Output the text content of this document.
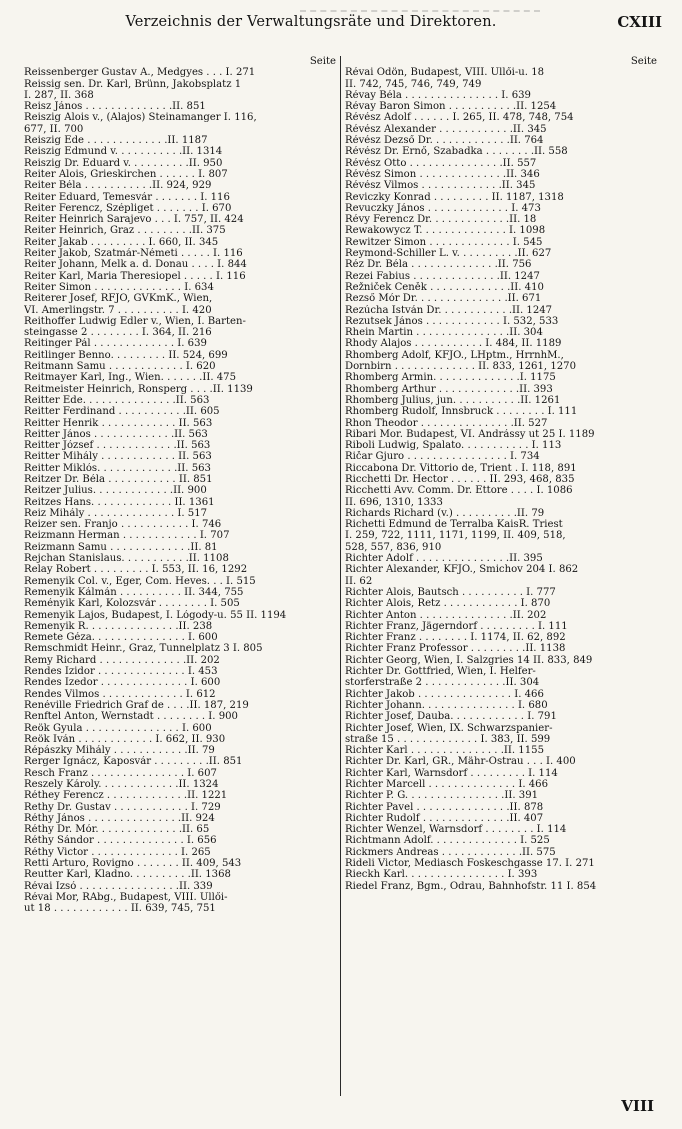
Verzeichnis der Verwaltungsräte und Direktoren.	CXIII
Seite
Reissenberger Gustav A., Medgyes . . . I. 271
Reissig sen. Dr. Karl, Brünn, Jakobsplatz 1
I. 287, II. 368
Reisz János . . . . . . . . . . . . . .II. 851
Reiszig Alois v., (Alajos) Steinamanger I. 116,
677, II. 700
Reiszig Ede . . . . . . . . . . . . .II. 1187
Reiszig Edmund v. . . . . . . . . . .II. 1314
Reiszig Dr. Eduard v. . . . . . . . . .II. 950
Reiter Alois, Grieskirchen . . . . . . I. 807
Reiter Béla . . . . . . . . . . .II. 924, 929
Reiter Eduard, Temesvár . . . . . . . I. 116
Reiter Ferencz, Szépliget . . . . . . . I. 670
Reiter Heinrich Sarajevo . . . I. 757, II. 424
Reiter Heinrich, Graz . . . . . . . . .II. 375
Reiter Jakab . . . . . . . . . I. 660, II. 345
Reiter Jakob, Szatmár-Németi . . . . . I. 116
Reiter Johann, Melk a. d. Donau . . . . I. 844
Reiter Karl, Maria Theresiopel . . . . . I. 116
Reiter Simon . . . . . . . . . . . . . . I. 634
Reiterer Josef, RFJO, GVKmK., Wien,
VI. Amerlingstr. 7 . . . . . . . . . . I. 420
Reithoffer Ludwig Edler v., Wien, I. Barten-
steingasse 2 . . . . . . . . I. 364, II. 216
Reitinger Pál . . . . . . . . . . . . . I. 639
Reitlinger Benno. . . . . . . . . II. 524, 699
Reitmann Samu . . . . . . . . . . . . I. 620
Reitmayer Karl, Ing., Wien. . . . . . .II. 475
Reitmeister Heinrich, Ronsperg . . . .II. 1139
Reitter Ede. . . . . . . . . . . . . . .II. 563
Reitter Ferdinand . . . . . . . . . . .II. 605
Reitter Henrik . . . . . . . . . . . . II. 563
Reitter János . . . . . . . . . . . . .II. 563
Reitter József . . . . . . . . . . . . .II. 563
Reitter Mihály . . . . . . . . . . . . II. 563
Reitter Miklós. . . . . . . . . . . . .II. 563
Reitzer Dr. Béla . . . . . . . . . . . II. 851
Reitzer Julius. . . . . . . . . . . . .II. 900
Reitzes Hans. . . . . . . . . . . . . II. 1361
Reiz Mihály . . . . . . . . . . . . . . I. 517
Reizer sen. Franjo . . . . . . . . . . . I. 746
Reizmann Herman . . . . . . . . . . . . I. 707
Reizmann Samu . . . . . . . . . . . . .II. 81
Rejchan Stanislaus. . . . . . . . . . .II. 1108
Relay Robert . . . . . . . . . I. 553, II. 16, 1292
Remenyik Col. v., Eger, Com. Heves. . . I. 515
Remenyik Kálmán . . . . . . . . . . II. 344, 755
Reményik Karl, Kolozsvár . . . . . . . . I. 505
Remenyik Lajos, Budapest, I. Lógody-u. 55 II. 1194
Remenyik R. . . . . . . . . . . . . . .II. 238
Remete Géza. . . . . . . . . . . . . . . I. 600
Remschmidt Heinr., Graz, Tunnelplatz 3 I. 805
Remy Richard . . . . . . . . . . . . . .II. 202
Rendes Izidor . . . . . . . . . . . . . . I. 453
Rendes Izedor . . . . . . . . . . . . . . I. 600
Rendes Vilmos . . . . . . . . . . . . . I. 612
Renéville Friedrich Graf de . . . .II. 187, 219
Renftel Anton, Wernstadt . . . . . . . . I. 900
Reök Gyula . . . . . . . . . . . . . . . I. 600
Reök Iván . . . . . . . . . . . . I. 662, II. 930
Répászky Mihály . . . . . . . . . . . .II. 79
Rerger Ignácz, Kaposvár . . . . . . . . .II. 851
Resch Franz . . . . . . . . . . . . . . . I. 607
Reszely Károly. . . . . . . . . . . . .II. 1324
Réthey Ferencz . . . . . . . . . . . . .II. 1221
Rethy Dr. Gustav . . . . . . . . . . . . I. 729
Réthy János . . . . . . . . . . . . . . .II. 924
Réthy Dr. Mór. . . . . . . . . . . . . .II. 65
Réthy Sándor . . . . . . . . . . . . . . I. 656
Réthy Victor . . . . . . . . . . . . . . I. 265
Retti Arturo, Rovigno . . . . . . . II. 409, 543
Reutter Karl, Kladno. . . . . . . . . .II. 1368
Révai Izsó . . . . . . . . . . . . . . . .II. 339
Révai Mor, RÁbg., Budapest, VIII. Üllői-
ut 18 . . . . . . . . . . . . II. 639, 745, 751
Seite
Révai Ödön, Budapest, VIII. Üllői-u. 18
II. 742, 745, 746, 749, 749
Révay Béla . . . . . . . . . . . . . . . I. 639
Révay Baron Simon . . . . . . . . . . .II. 1254
Révész Adolf . . . . . . I. 265, II. 478, 748, 754
Révész Alexander . . . . . . . . . . . .II. 345
Révész Dezső Dr. . . . . . . . . . . . .II. 764
Révész Dr. Ernő, Szabadka . . . . . . . .II. 558
Révész Otto . . . . . . . . . . . . . . .II. 557
Révész Simon . . . . . . . . . . . . . .II. 346
Révész Vilmos . . . . . . . . . . . . .II. 345
Reviczky Konrad . . . . . . . . . II. 1187, 1318
Revuczky János . . . . . . . . . . . . . I. 473
Révy Ferencz Dr. . . . . . . . . . . . .II. 18
Rewakowycz T. . . . . . . . . . . . . . I. 1098
Rewitzer Simon . . . . . . . . . . . . . I. 545
Reymond-Schiller L. v. . . . . . . . . .II. 627
Réz Dr. Béla . . . . . . . . . . . . . .II. 756
Rezei Fabius . . . . . . . . . . . . . .II. 1247
Režniček Čeněk . . . . . . . . . . . . .II. 410
Rezső Mór Dr. . . . . . . . . . . . . . .II. 671
Rezúcha István Dr. . . . . . . . . . . .II. 1247
Rezutsek János . . . . . . . . . . . . I. 532, 533
Rhein Martin . . . . . . . . . . . . . . .II. 304
Rhody Alajos . . . . . . . . . . . I. 484, II. 1189
Rhomberg Adolf, KFJO., LHptm., HrrnhM.,
Dornbirn . . . . . . . . . . . . . II. 833, 1261, 1270
Rhomberg Armin. . . . . . . . . . . . . .I. 1175
Rhomberg Arthur . . . . . . . . . . . . .II. 393
Rhomberg Julius, jun. . . . . . . . . . .II. 1261
Rhomberg Rudolf, Innsbruck . . . . . . . . I. 111
Rhon Theodor . . . . . . . . . . . . . . .II. 527
Ribari Mor. Budapest, VI. Andrássy ut 25 I. 1189
Riboli Ludwig, Spalato. . . . . . . . . . . I. 113
Ričar Gjuro . . . . . . . . . . . . . . . . I. 734
Riccabona Dr. Vittorio de, Trient . I. 118, 891
Ricchetti Dr. Hector . . . . . . II. 293, 468, 835
Ricchetti Avv. Comm. Dr. Ettore . . . . I. 1086
II. 696, 1310, 1333
Richards Richard (v.) . . . . . . . . . .II. 79
Richetti Edmund de Terralba KaisR. Triest
I. 259, 722, 1111, 1171, 1199, II. 409, 518,
528, 557, 836, 910
Richter Adolf . . . . . . . . . . . . . . .II. 395
Richter Alexander, KFJO., Smichov 204 I. 862
II. 62
Richter Alois, Bautsch . . . . . . . . . . I. 777
Richter Alois, Retz . . . . . . . . . . . . I. 870
Richter Anton . . . . . . . . . . . . . . .II. 202
Richter Franz, Jägerndorf . . . . . . . . . I. 111
Richter Franz . . . . . . . . I. 1174, II. 62, 892
Richter Franz Professor . . . . . . . . .II. 1138
Richter Georg, Wien, I. Salzgries 14 II. 833, 849
Richter Dr. Gottfried, Wien, I. Helfer-
storferstraße 2 . . . . . . . . . . . . .II. 304
Richter Jakob . . . . . . . . . . . . . . . I. 466
Richter Johann. . . . . . . . . . . . . . . I. 680
Richter Josef, Dauba. . . . . . . . . . . . I. 791
Richter Josef, Wien, IX. Schwarzspanier-
straße 15 . . . . . . . . . . . . . I. 383, II. 599
Richter Karl . . . . . . . . . . . . . . .II. 1155
Richter Dr. Karl, GR., Mähr-Ostrau . . . I. 400
Richter Karl, Warnsdorf . . . . . . . . . I. 114
Richter Marcell . . . . . . . . . . . . . . I. 466
Richter P. G. . . . . . . . . . . . . . . .II. 391
Richter Pavel . . . . . . . . . . . . . . .II. 878
Richter Rudolf . . . . . . . . . . . . . .II. 407
Richter Wenzel, Warnsdorf . . . . . . . . I. 114
Richtmann Adolf. . . . . . . . . . . . . . I. 525
Rickmers Andreas . . . . . . . . . . . . .II. 575
Rideli Victor, Mediasch Foskeschgasse 17. I. 271
Rieckh Karl. . . . . . . . . . . . . . . . I. 393
Riedel Franz, Bgm., Odrau, Bahnhofstr. 11 I. 854
VIII
